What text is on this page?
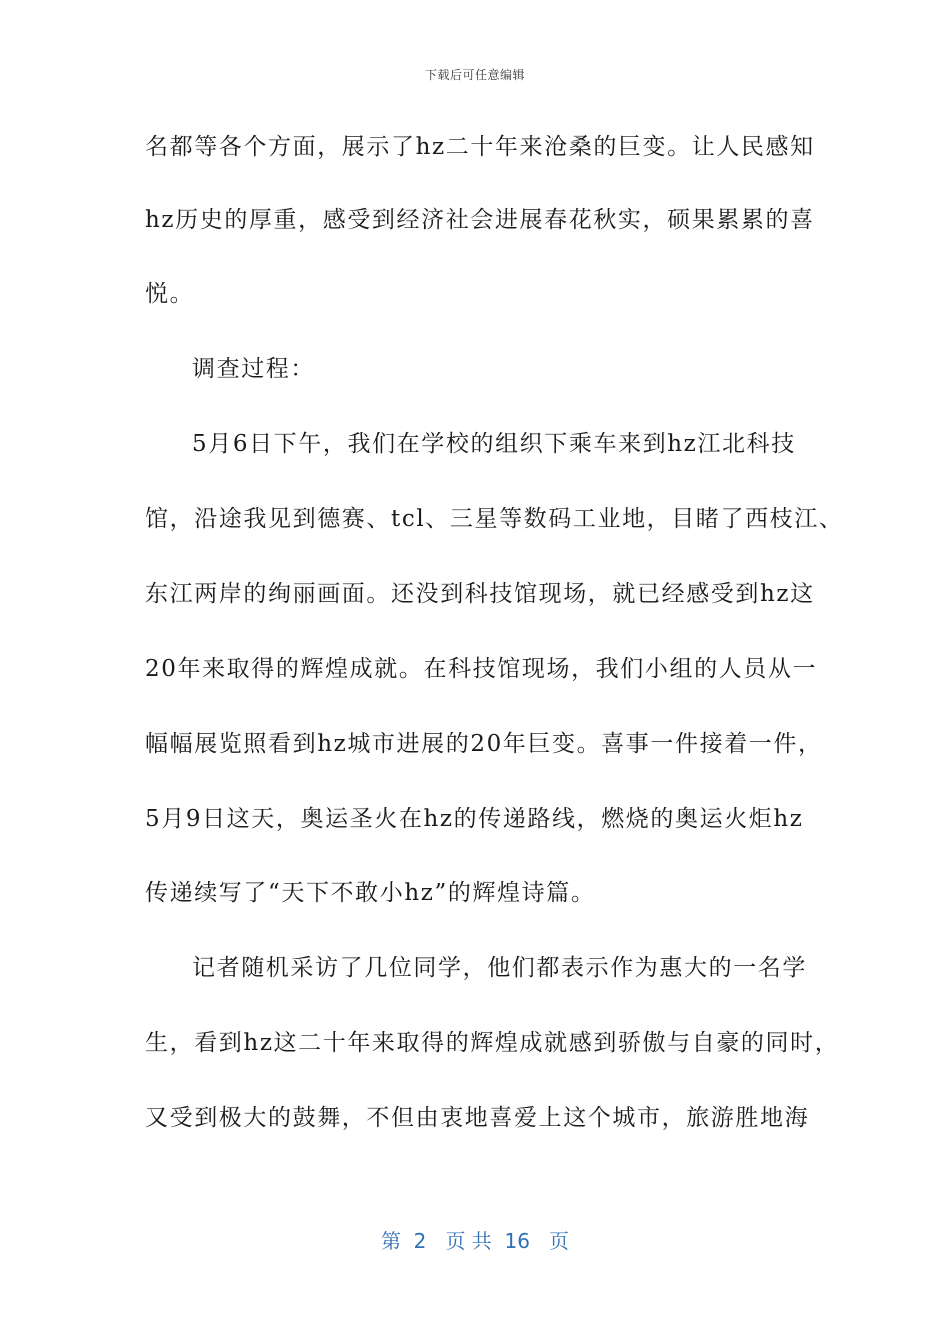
下载后可任意编辑
名都等各个方面，展示了hz二十年来沧桑的巨变。让人民感知
hz历史的厚重，感受到经济社会进展春花秋实，硕果累累的喜
悦。
调查过程：
5月6日下午，我们在学校的组织下乘车来到hz江北科技
馆，沿途我见到德赛、tcl、三星等数码工业地，目睹了西枝江、
东江两岸的绚丽画面。还没到科技馆现场，就已经感受到hz这
20年来取得的辉煌成就。在科技馆现场，我们小组的人员从一
幅幅展览照看到hz城市进展的20年巨变。喜事一件接着一件，
5月9日这天，奥运圣火在hz的传递路线，燃烧的奥运火炬hz
传递续写了“天下不敢小hz”的辉煌诗篇。
记者随机采访了几位同学，他们都表示作为惠大的一名学
生，看到hz这二十年来取得的辉煌成就感到骄傲与自豪的同时，
又受到极大的鼓舞，不但由衷地喜爱上这个城市，旅游胜地海
第  2   页 共  16   页
